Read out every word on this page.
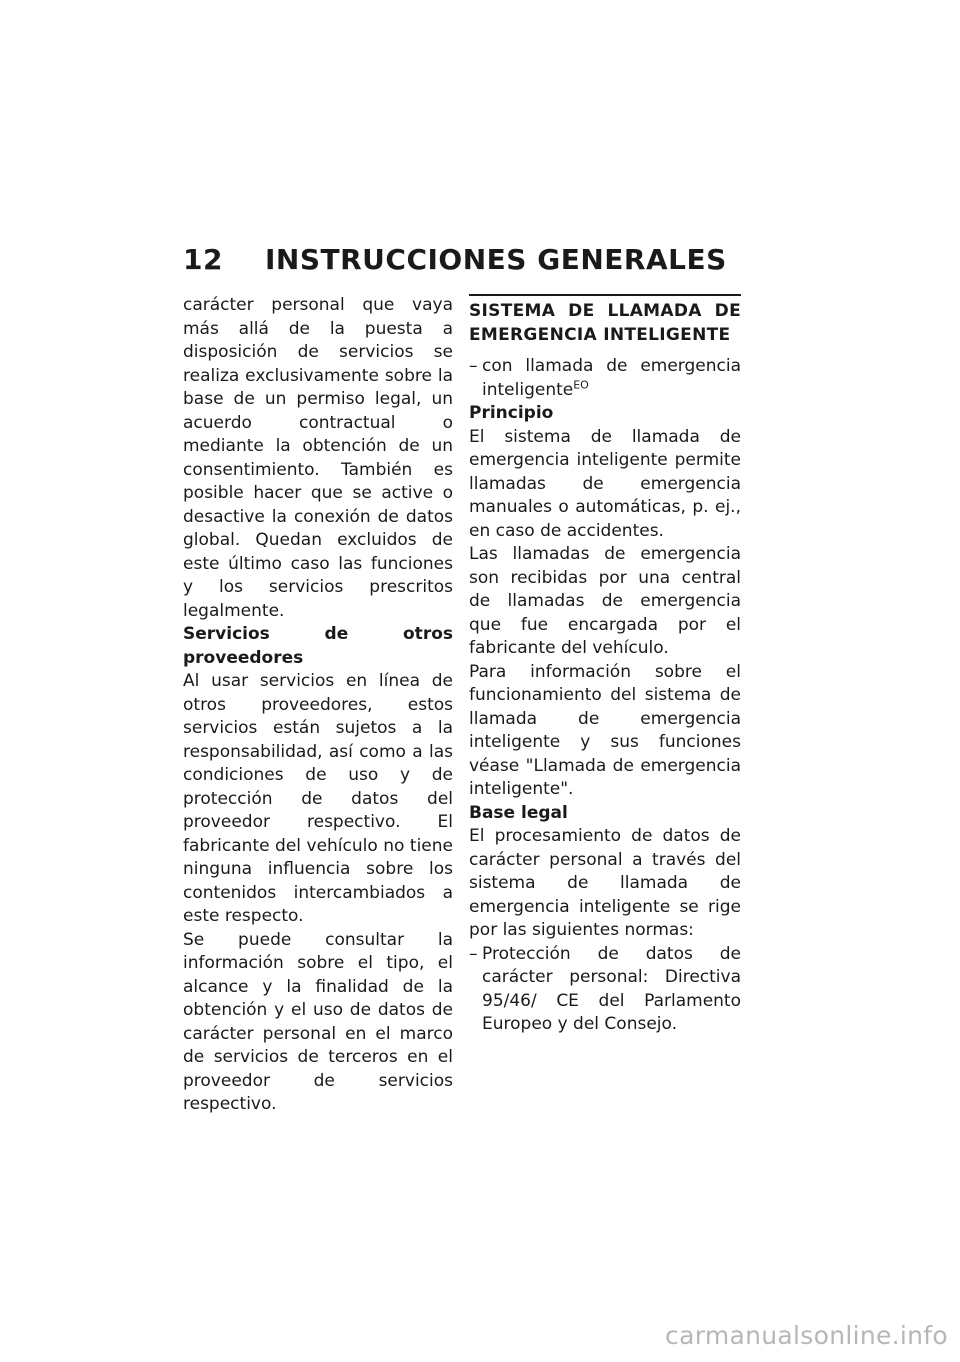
12 INSTRUCCIONES GENERALES

carácter personal que vaya más allá de la puesta a disposición de servicios se realiza exclusivamente sobre la base de un permiso legal, un acuerdo contractual o mediante la obtención de un consentimiento. También es posible hacer que se active o desactive la conexión de datos global. Quedan excluidos de este último caso las funciones y los servicios prescritos legalmente.

Servicios de otros proveedores

Al usar servicios en línea de otros proveedores, estos servicios están sujetos a la responsabilidad, así como a las condiciones de uso y de protección de datos del proveedor respectivo. El fabricante del vehículo no tiene ninguna influencia sobre los contenidos intercambiados a este respecto.

Se puede consultar la información sobre el tipo, el alcance y la finalidad de la obtención y el uso de datos de carácter personal en el marco de servicios de terceros en el proveedor de servicios respectivo.

SISTEMA DE LLAMADA DE EMERGENCIA INTELIGENTE
– con llamada de emergencia inteligente$^{EO}$

Principio

El sistema de llamada de emergencia inteligente permite llamadas de emergencia manuales o automáticas, p. ej., en caso de accidentes.

Las llamadas de emergencia son recibidas por una central de llamadas de emergencia que fue encargada por el fabricante del vehículo.

Para información sobre el funcionamiento del sistema de llamada de emergencia inteligente y sus funciones véase "Llamada de emergencia inteligente".

Base legal

El procesamiento de datos de carácter personal a través del sistema de llamada de emergencia inteligente se rige por las siguientes normas:

– Protección de datos de carácter personal: Directiva 95/46/ CE del Parlamento Europeo y del Consejo.
carmanualsonline.info
